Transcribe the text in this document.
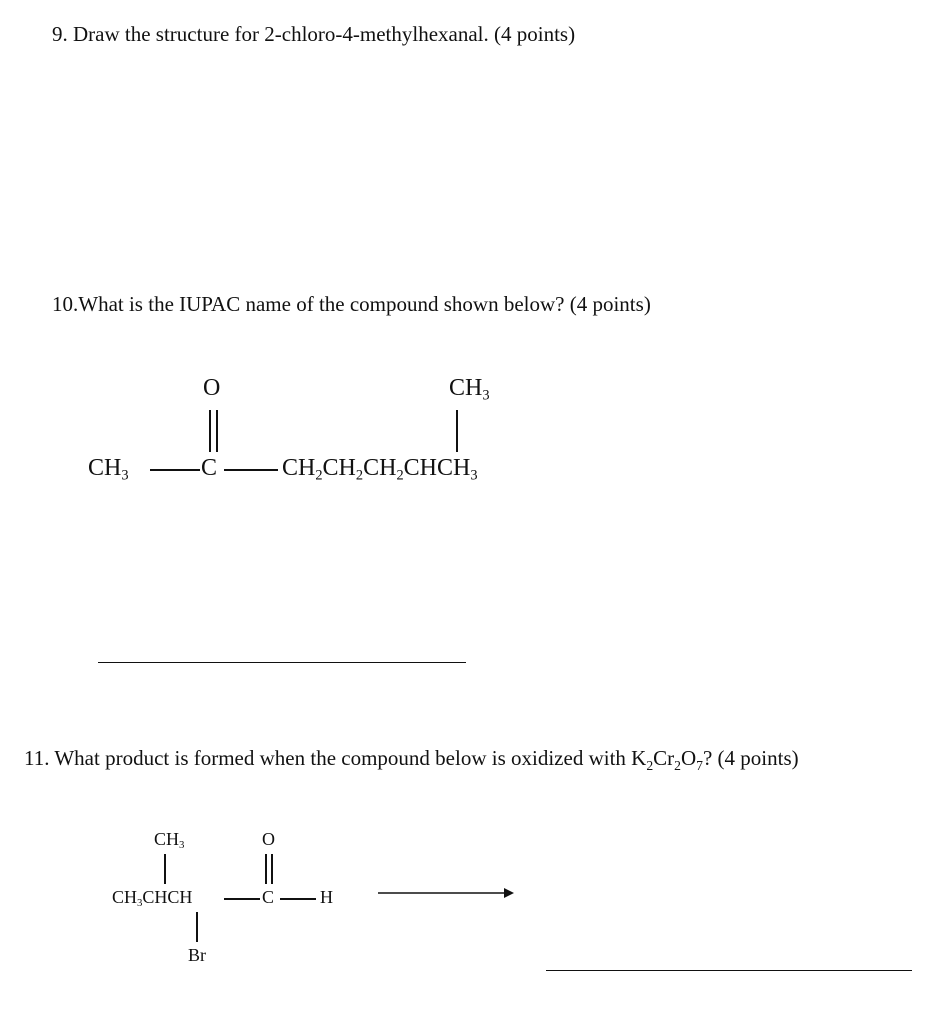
9. Draw the structure for 2-chloro-4-methylhexanal. (4 points)

10.What is the IUPAC name of the compound shown below? (4 points)

O	$CH_3$
$CH_3$	C	$CH_2CH_2CH_2CHCH_3$

11. What product is formed when the compound below is oxidized with $K_2Cr_2O_7$? (4 points)

$CH_3$	O
$CH_3CHCH$	C	H
Br
